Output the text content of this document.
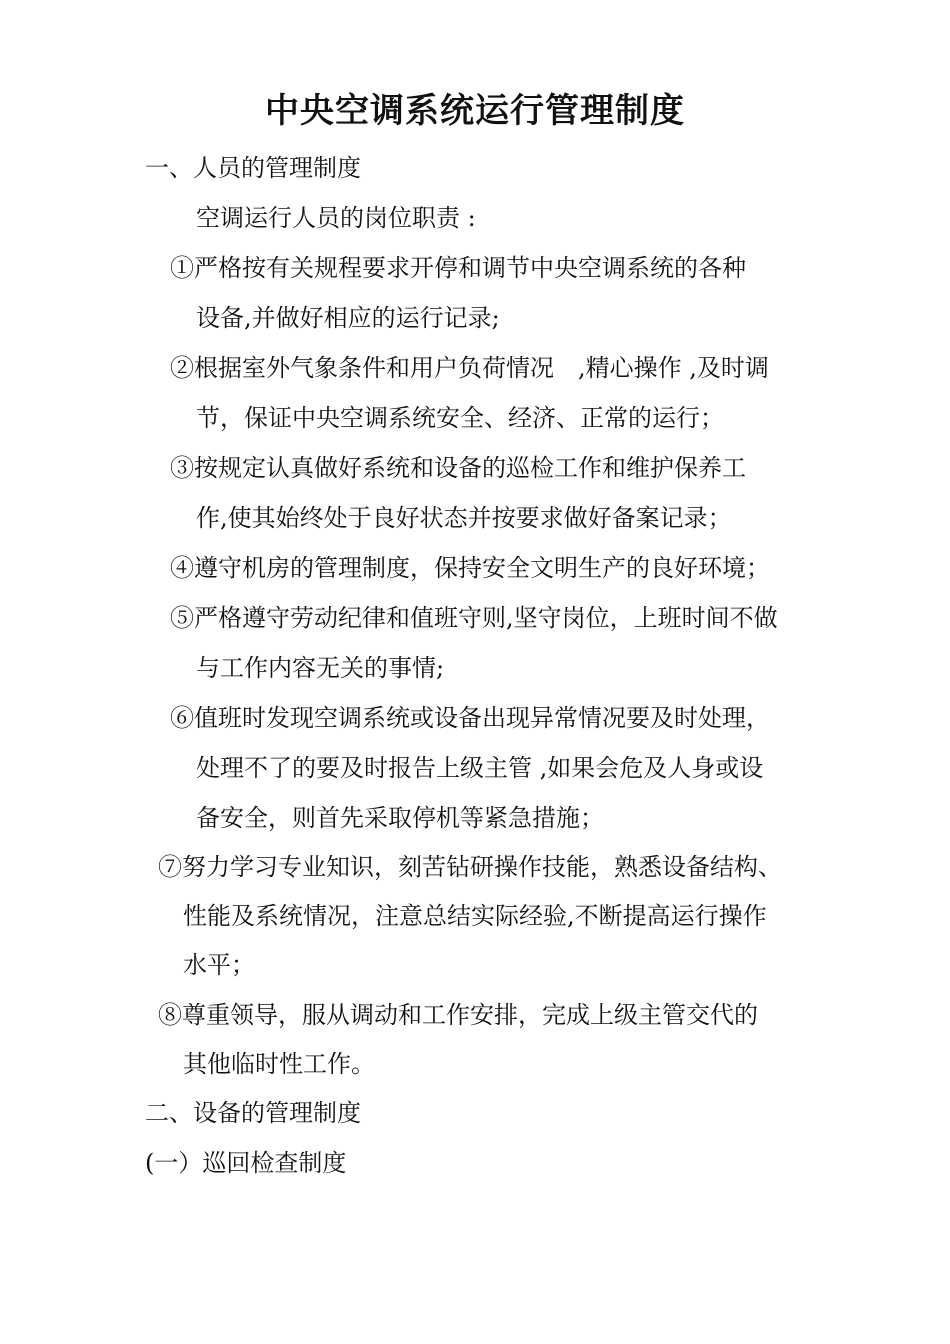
中央空调系统运行管理制度
一、人员的管理制度
空调运行人员的岗位职责 :
①严格按有关规程要求开停和调节中央空调系统的各种
设备,并做好相应的运行记录;
②根据室外气象条件和用户负荷情况　,精心操作 ,及时调
节，保证中央空调系统安全、经济、正常的运行；
③按规定认真做好系统和设备的巡检工作和维护保养工
作,使其始终处于良好状态并按要求做好备案记录；
④遵守机房的管理制度，保持安全文明生产的良好环境；
⑤严格遵守劳动纪律和值班守则,坚守岗位，上班时间不做
与工作内容无关的事情;
⑥值班时发现空调系统或设备出现异常情况要及时处理，
处理不了的要及时报告上级主管 ,如果会危及人身或设
备安全，则首先采取停机等紧急措施；
⑦努力学习专业知识，刻苦钻研操作技能，熟悉设备结构、
性能及系统情况，注意总结实际经验,不断提高运行操作
水平；
⑧尊重领导，服从调动和工作安排，完成上级主管交代的
其他临时性工作。
二、设备的管理制度
(一）巡回检查制度
